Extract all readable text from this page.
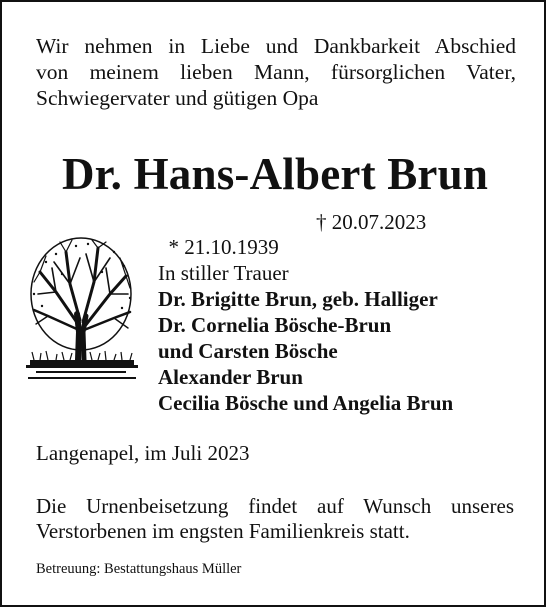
Wir nehmen in Liebe und Dankbarkeit Abschied
von meinem lieben Mann, fürsorglichen Vater,
Schwiegervater und gütigen Opa

Dr. Hans-Albert Brun

* 21.10.1939

† 20.07.2023

In stiller Trauer
Dr. Brigitte Brun, geb. Halliger
Dr. Cornelia Bösche-Brun
und Carsten Bösche
Alexander Brun
Cecilia Bösche und Angelia Brun
Langenapel, im Juli 2023

Die Urnenbeisetzung findet auf Wunsch unseres
Verstorbenen im engsten Familienkreis statt.

Betreuung: Bestattungshaus Müller
